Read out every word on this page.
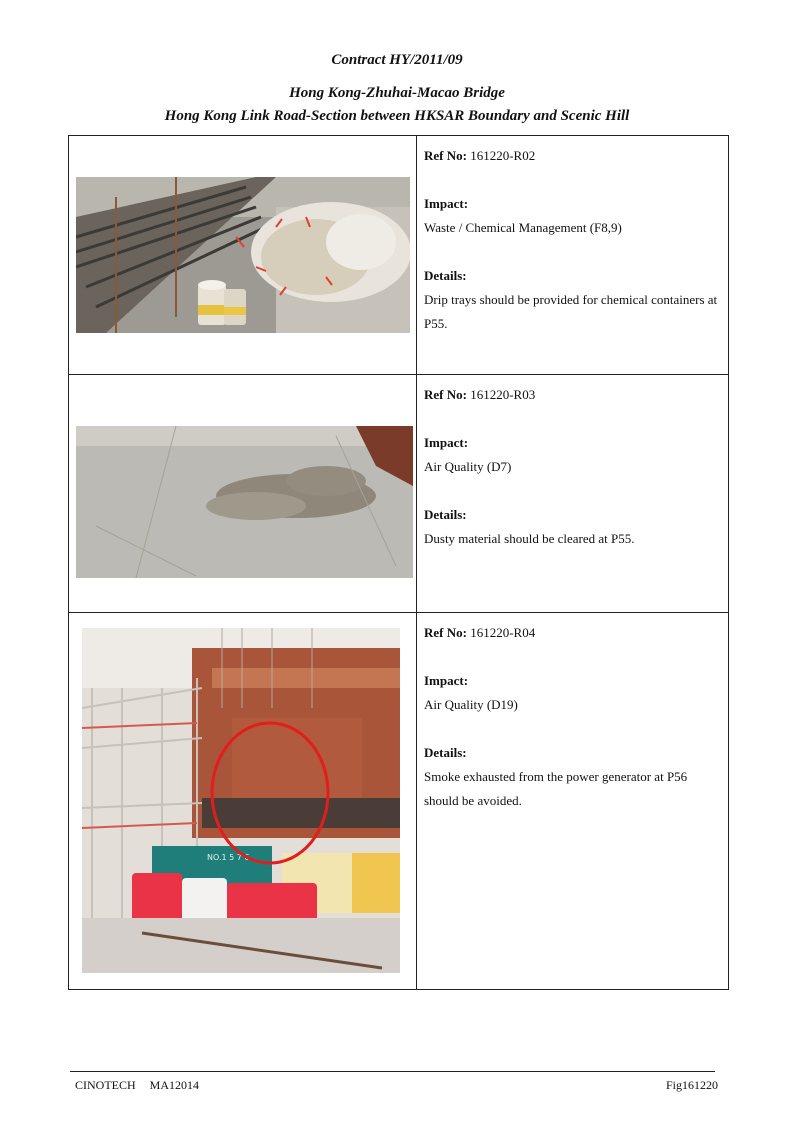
Contract HY/2011/09
Hong Kong-Zhuhai-Macao Bridge
Hong Kong Link Road-Section between HKSAR Boundary and Scenic Hill

Ref No: 161220-R02
Impact:
Waste / Chemical Management (F8,9)
Details:
Drip trays should be provided for chemical containers at P55.

Ref No: 161220-R03
Impact:
Air Quality (D7)
Details:
Dusty material should be cleared at P55.

NO.1 5 7 6	Ref No: 161220-R04
Impact:
Air Quality (D19)
Details:
Smoke exhausted from the power generator at P56 should be avoided.
CINOTECH MA12014	Fig161220
